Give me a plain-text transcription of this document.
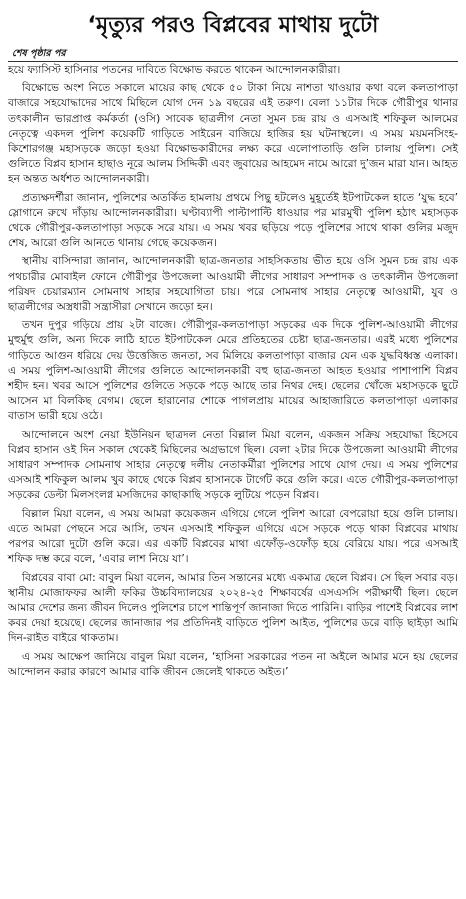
‘মৃত্যুর পরও বিপ্লবের মাথায় দুটো
শেষ পৃষ্ঠার পর

হয়ে ফ্যাসিস্ট হাসিনার পতনের দাবিতে বিক্ষোভ করতে থাকেন আন্দোলনকারীরা।

বিক্ষোভে অংশ নিতে সকালে মায়ের কাছ থেকে ৫০ টাকা নিয়ে নাশতা খাওয়ার কথা বলে কলতাপাড়া বাজারে সহযোদ্ধাদের সাথে মিছিলে যোগ দেন ১৯ বছরের এই তরুণ। বেলা ১১টার দিকে গৌরীপুর থানার তৎকালীন ভারপ্রাপ্ত কর্মকর্তা (ওসি) সাবেক ছাত্রলীগ নেতা সুমন চন্দ্র রায় ও এসআই শফিকুল আলমের নেতৃত্বে একদল পুলিশ কয়েকটি গাড়িতে সাইরেন বাজিয়ে হাজির হয় ঘটনাস্থলে। এ সময় ময়মনসিংহ-কিশোরগঞ্জ মহাসড়কে জড়ো হওয়া বিক্ষোভকারীদের লক্ষ্য করে এলোপাতাড়ি গুলি চালায় পুলিশ। সেই গুলিতে বিপ্লব হাসান হাছাও নূরে আলম সিদ্দিকী এবং জুবায়ের আহমেদ নামে আরো দু’জন মারা যান। আহত হন অন্তত অর্ধশত আন্দোলনকারী।

প্রত্যক্ষদর্শীরা জানান, পুলিশের অতর্কিত হামলায় প্রথমে পিছু হটলেও মুহূর্তেই ইটপাটকেল হাতে ‘যুদ্ধ হবে’ স্লোগানে রুখে দাঁড়ায় আন্দোলনকারীরা। ঘণ্টাব্যাপী পাল্টাপাল্টি ধাওয়ার পর মারমুখী পুলিশ হঠাৎ মহাসড়ক থেকে গৌরীপুর-কলতাপাড়া সড়কে সরে যায়। এ সময় খবর ছড়িয়ে পড়ে পুলিশের সাথে থাকা গুলির মজুদ শেষ, আরো গুলি আনতে থানায় গেছে কয়েকজন।

স্থানীয় বাসিন্দারা জানান, আন্দোলনকারী ছাত্র-জনতার সাহসিকতায় ভীত হয়ে ওসি সুমন চন্দ্র রায় এক পথচারীর মোবাইল ফোনে গৌরীপুর উপজেলা আওয়ামী লীগের সাধারণ সম্পাদক ও তৎকালীন উপজেলা পরিষদ চেয়ারম্যান সোমনাথ সাহার সহযোগিতা চায়। পরে সোমনাথ সাহার নেতৃত্বে আওয়ামী, যুব ও ছাত্রলীগের অস্ত্রধারী সন্ত্রাসীরা সেখানে জড়ো হন।

তখন দুপুর গড়িয়ে প্রায় ২টা বাজে। গৌরীপুর-কলতাপাড়া সড়কের এক দিকে পুলিশ-আওয়ামী লীগের মুহুর্মুহু গুলি, অন্য দিকে লাঠি হাতে ইটপাটকেল মেরে প্রতিহতের চেষ্টা ছাত্র-জনতার। এরই মধ্যে পুলিশের গাড়িতে আগুন ধরিয়ে দেয় উত্তেজিত জনতা, সব মিলিয়ে কলতাপাড়া বাজার যেন এক যুদ্ধবিধ্বস্ত এলাকা। এ সময় পুলিশ-আওয়ামী লীগের গুলিতে আন্দোলনকারী বহু ছাত্র-জনতা আহত হওয়ার পাশাপাশি বিপ্লব শহীদ হন। খবর আসে পুলিশের গুলিতে সড়কে পড়ে আছে তার নিথর দেহ। ছেলের খোঁজে মহাসড়কে ছুটে আসেন মা বিলকিছ বেগম। ছেলে হারানোর শোকে পাগলপ্রায় মায়ের আহাজারিতে কলতাপাড়া এলাকার বাতাস ভারী হয়ে ওঠে।

আন্দোলনে অংশ নেয়া ইউনিয়ন ছাত্রদল নেতা বিল্লাল মিয়া বলেন, একজন সক্রিয় সহযোদ্ধা হিসেবে বিপ্লব হাসান ওই দিন সকাল থেকেই মিছিলের অগ্রভাগে ছিল। বেলা ২টার দিকে উপজেলা আওয়ামী লীগের সাধারণ সম্পাদক সোমনাথ সাহার নেতৃত্বে দলীয় নেতাকর্মীরা পুলিশের সাথে যোগ দেয়। এ সময় পুলিশের এসআই শফিকুল আলম খুব কাছে থেকে বিপ্লব হাসানকে টার্গেট করে গুলি করে। এতে গৌরীপুর-কলতাপাড়া সড়কের ডেল্টা মিলসংলগ্ন মসজিদের কাছাকাছি সড়কে লুটিয়ে পড়েন বিপ্লব।

বিল্লাল মিয়া বলেন, এ সময় আমরা কয়েকজন এগিয়ে গেলে পুলিশ আরো বেপরোয়া হয়ে গুলি চালায়। এতে আমরা পেছনে সরে আসি, তখন এসআই শফিকুল এগিয়ে এসে সড়কে পড়ে থাকা বিপ্লবের মাথায় পরপর আরো দুটো গুলি করে। এর একটি বিপ্লবের মাথা এফোঁড়-ওফোঁড় হয়ে বেরিয়ে যায়। পরে এসআই শফিক দম্ভ করে বলে, ‘এবার লাশ নিয়ে যা’।

বিপ্লবের বাবা মো: বাবুল মিয়া বলেন, আমার তিন সন্তানের মধ্যে একমাত্র ছেলে বিপ্লব। সে ছিল সবার বড়। স্থানীয় মোজাফফর আলী ফকির উচ্চবিদ্যালয়ের ২০২৪-২৫ শিক্ষাবর্ষের এসএসসি পরীক্ষার্থী ছিল। ছেলে আমার দেশের জন্য জীবন দিলেও পুলিশের চাপে শান্তিপূর্ণ জানাজা দিতে পারিনি। বাড়ির পাশেই বিপ্লবের লাশ কবর দেয়া হয়েছে। ছেলের জানাজার পর প্রতিদিনই বাড়িতে পুলিশ আইত, পুলিশের ডরে বাড়ি ছাইড়া আমি দিন-রাইত বাইরে থাকতাম।

এ সময় আক্ষেপ জানিয়ে বাবুল মিয়া বলেন, ‘হাসিনা সরকারের পতন না অইলে আমার মনে হয় ছেলের আন্দোলন করার কারণে আমার বাকি জীবন জেলেই থাকতে অইত।’
